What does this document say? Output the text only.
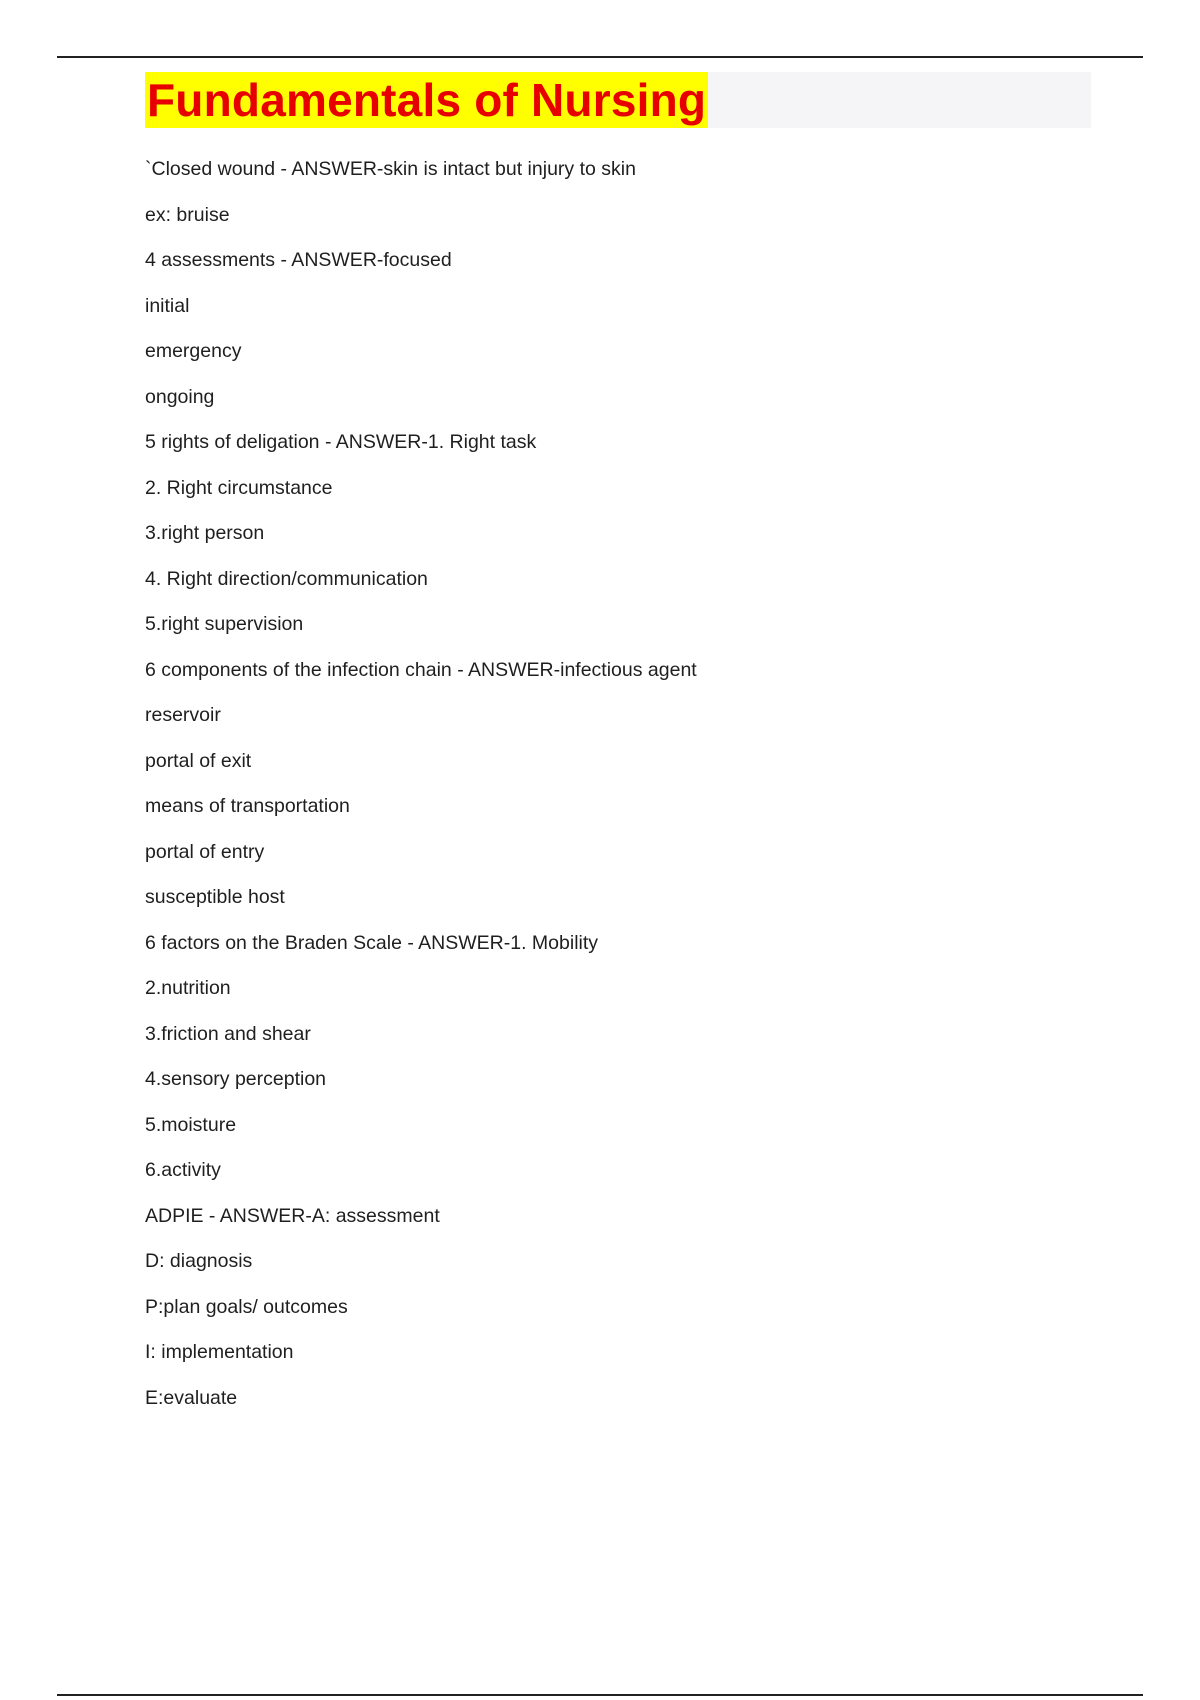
Fundamentals of Nursing
`Closed wound - ANSWER-skin is intact but injury to skin
ex: bruise
4 assessments - ANSWER-focused
initial
emergency
ongoing
5 rights of deligation - ANSWER-1. Right task
2. Right circumstance
3.right person
4. Right direction/communication
5.right supervision
6 components of the infection chain - ANSWER-infectious agent
reservoir
portal of exit
means of transportation
portal of entry
susceptible host
6 factors on the Braden Scale - ANSWER-1. Mobility
2.nutrition
3.friction and shear
4.sensory perception
5.moisture
6.activity
ADPIE - ANSWER-A: assessment
D: diagnosis
P:plan goals/ outcomes
I: implementation
E:evaluate
